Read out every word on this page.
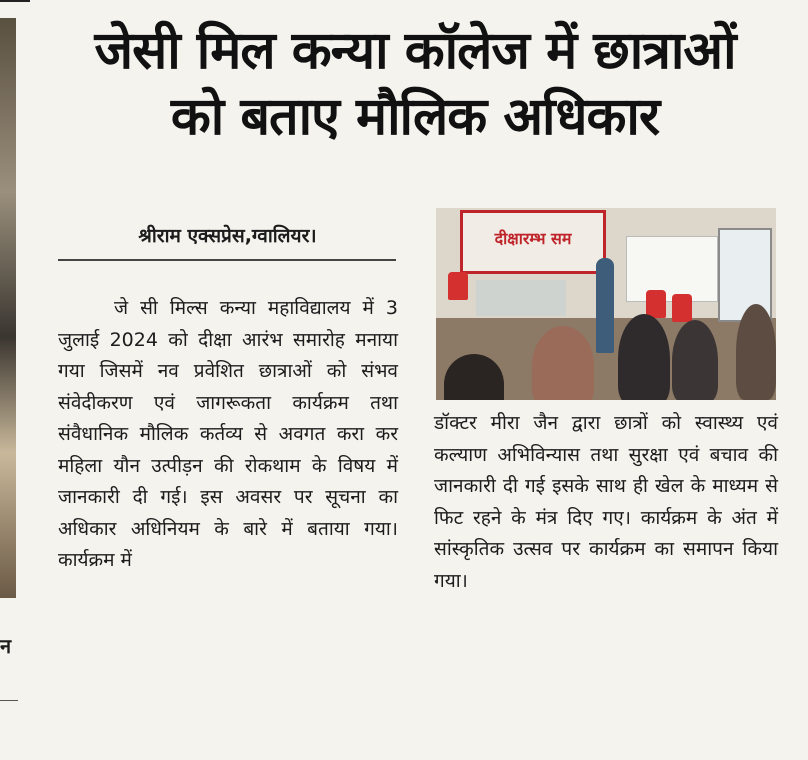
न
जेसी मिल कन्या कॉलेज में छात्राओं
को बताए मौलिक अधिकार
श्रीराम एक्सप्रेस,ग्वालियर।	दीक्षारम्भ सम
जे सी मिल्स कन्या महाविद्यालय में 3 जुलाई 2024 को दीक्षा आरंभ समारोह मनाया गया जिसमें नव प्रवेशित छात्राओं को संभव संवेदीकरण एवं जागरूकता कार्यक्रम तथा संवैधानिक मौलिक कर्तव्य से अवगत करा कर महिला यौन उत्पीड़न की रोकथाम के विषय में जानकारी दी गई। इस अवसर पर सूचना का अधिकार अधिनियम के बारे में बताया गया। कार्यक्रम में
डॉक्टर मीरा जैन द्वारा छात्रों को स्वास्थ्य एवं कल्याण अभिविन्यास तथा सुरक्षा एवं बचाव की जानकारी दी गई इसके साथ ही खेल के माध्यम से फिट रहने के मंत्र दिए गए। कार्यक्रम के अंत में सांस्कृतिक उत्सव पर कार्यक्रम का समापन किया गया।
